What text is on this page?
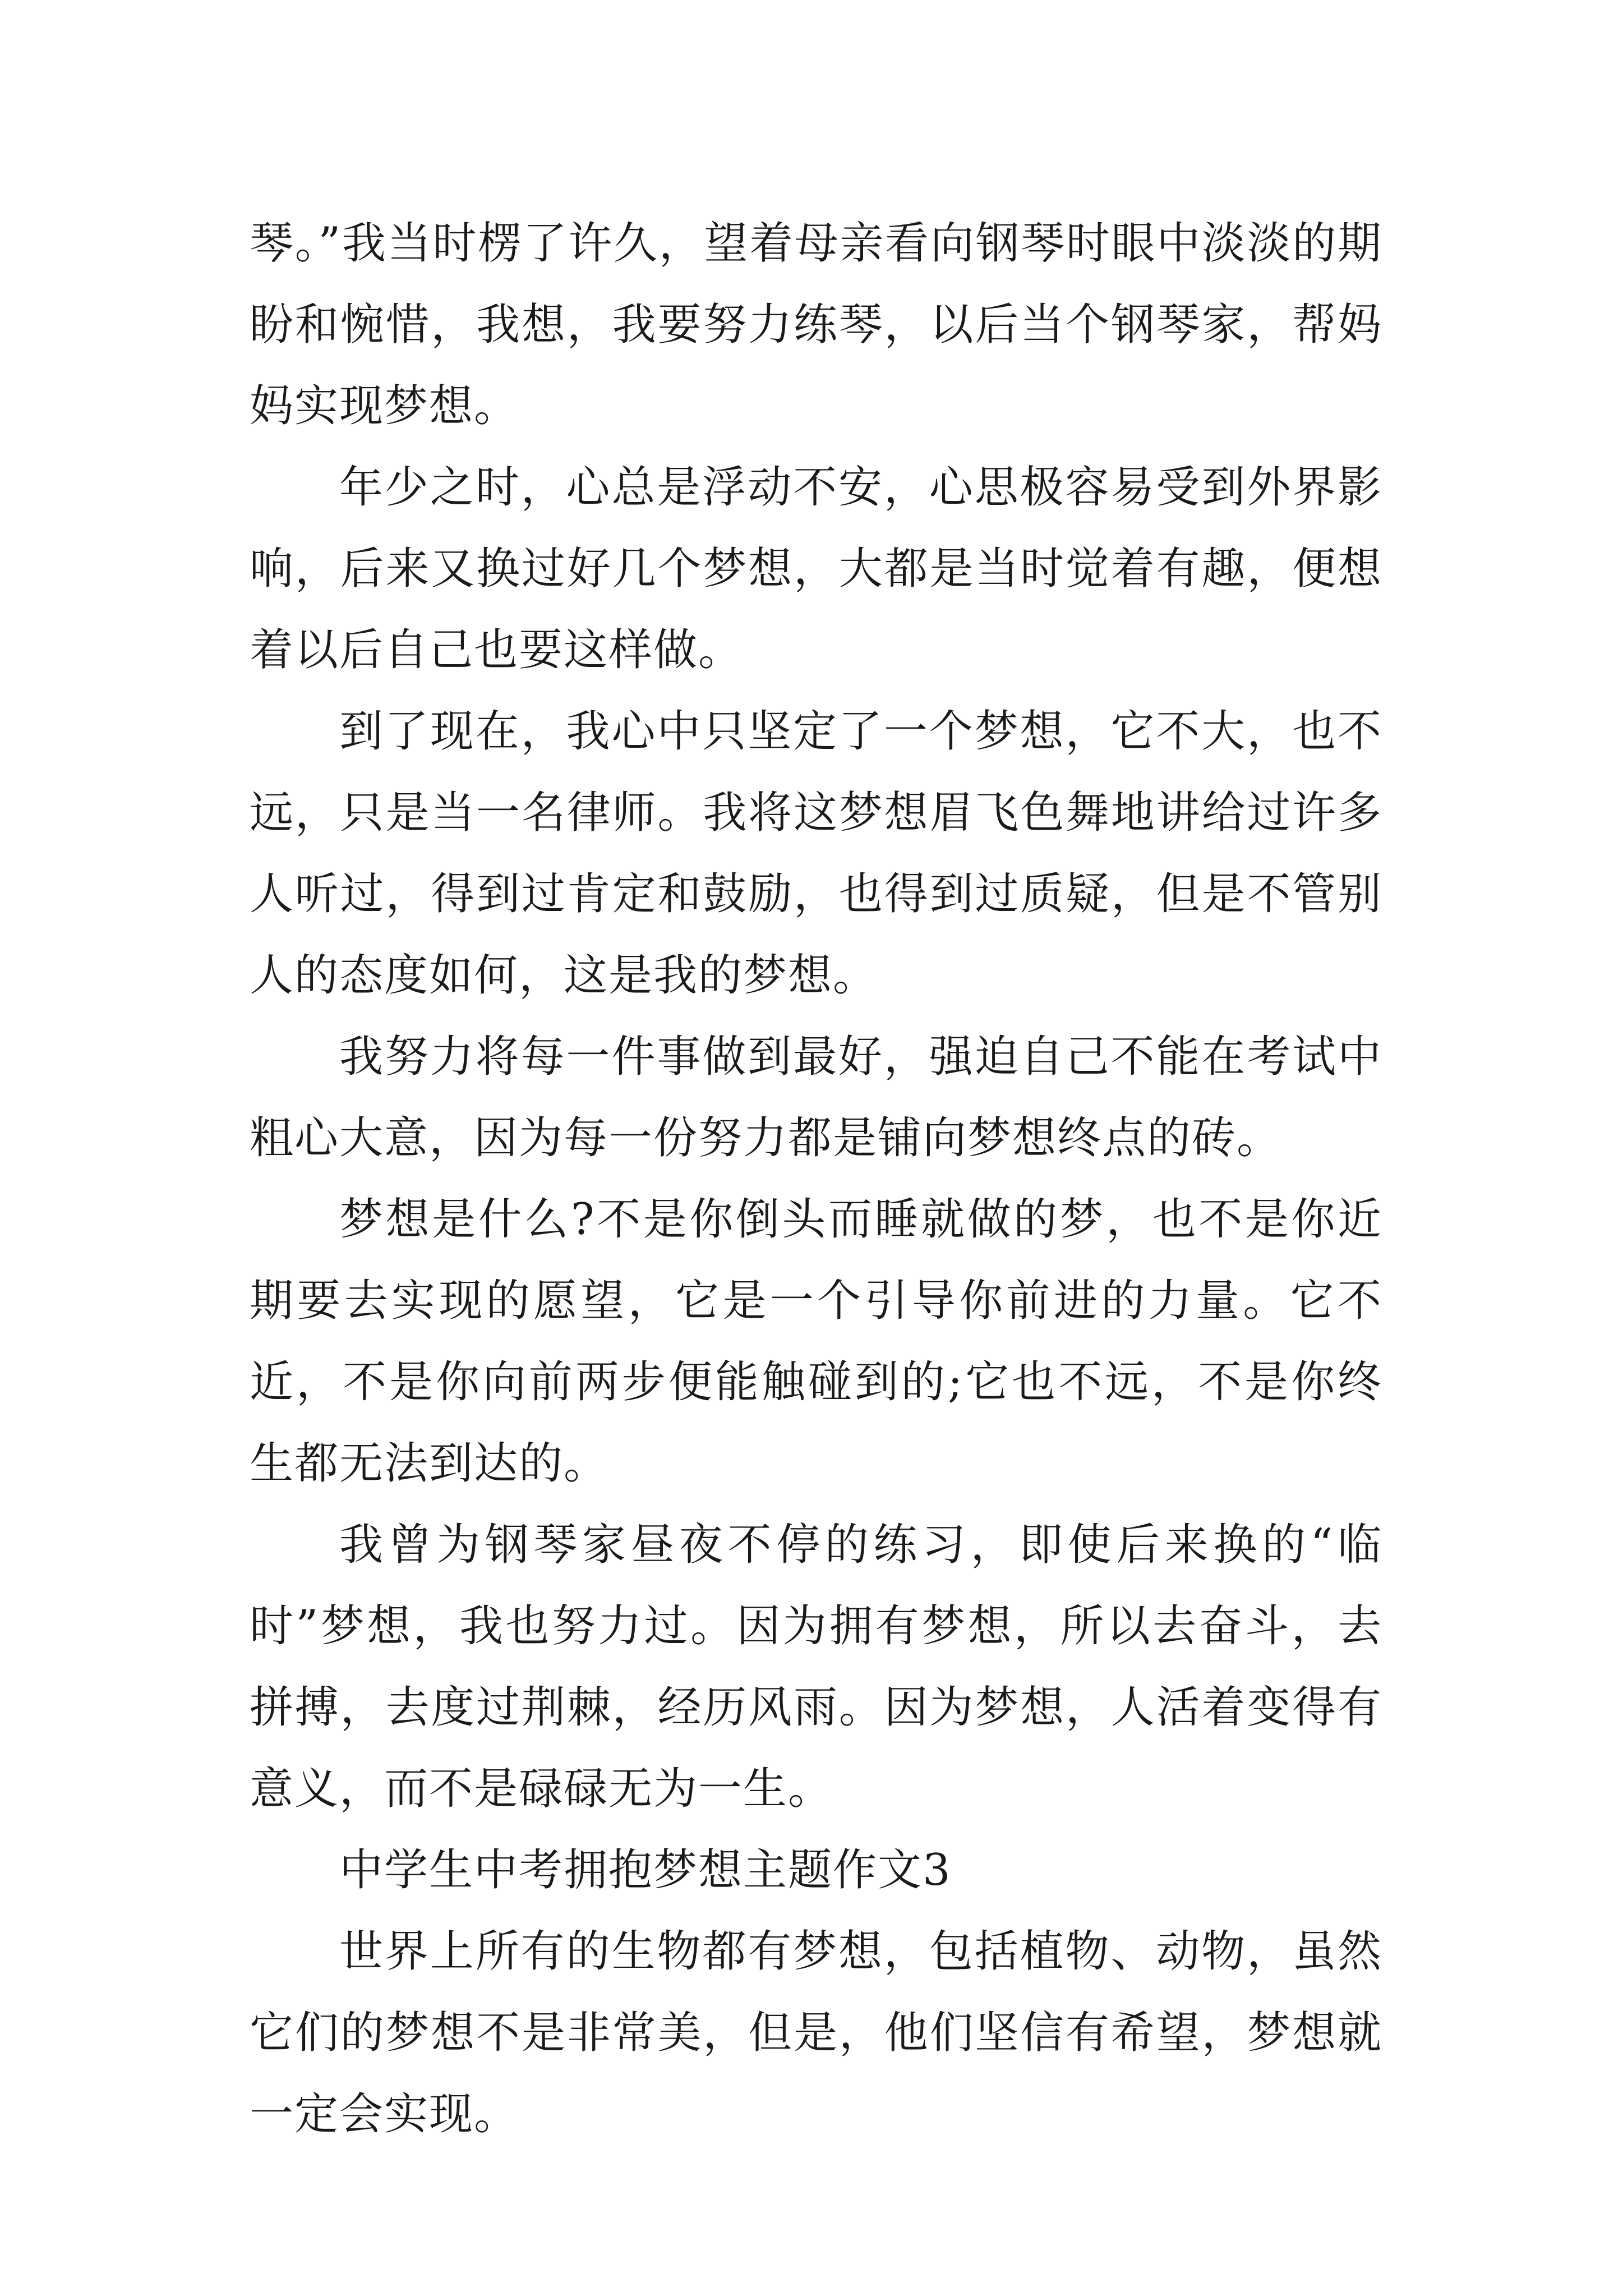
琴。”我当时楞了许久，望着母亲看向钢琴时眼中淡淡的期盼和惋惜，我想，我要努力练琴，以后当个钢琴家，帮妈妈实现梦想。

年少之时，心总是浮动不安，心思极容易受到外界影响，后来又换过好几个梦想，大都是当时觉着有趣，便想着以后自己也要这样做。

到了现在，我心中只坚定了一个梦想，它不大，也不远，只是当一名律师。我将这梦想眉飞色舞地讲给过许多人听过，得到过肯定和鼓励，也得到过质疑，但是不管别人的态度如何，这是我的梦想。

我努力将每一件事做到最好，强迫自己不能在考试中粗心大意，因为每一份努力都是铺向梦想终点的砖。

梦想是什么?不是你倒头而睡就做的梦，也不是你近期要去实现的愿望，它是一个引导你前进的力量。它不近，不是你向前两步便能触碰到的;它也不远，不是你终生都无法到达的。

我曾为钢琴家昼夜不停的练习，即使后来换的“临时”梦想，我也努力过。因为拥有梦想，所以去奋斗，去拼搏，去度过荆棘，经历风雨。因为梦想，人活着变得有意义，而不是碌碌无为一生。

中学生中考拥抱梦想主题作文3

世界上所有的生物都有梦想，包括植物、动物，虽然它们的梦想不是非常美，但是，他们坚信有希望，梦想就一定会实现。
